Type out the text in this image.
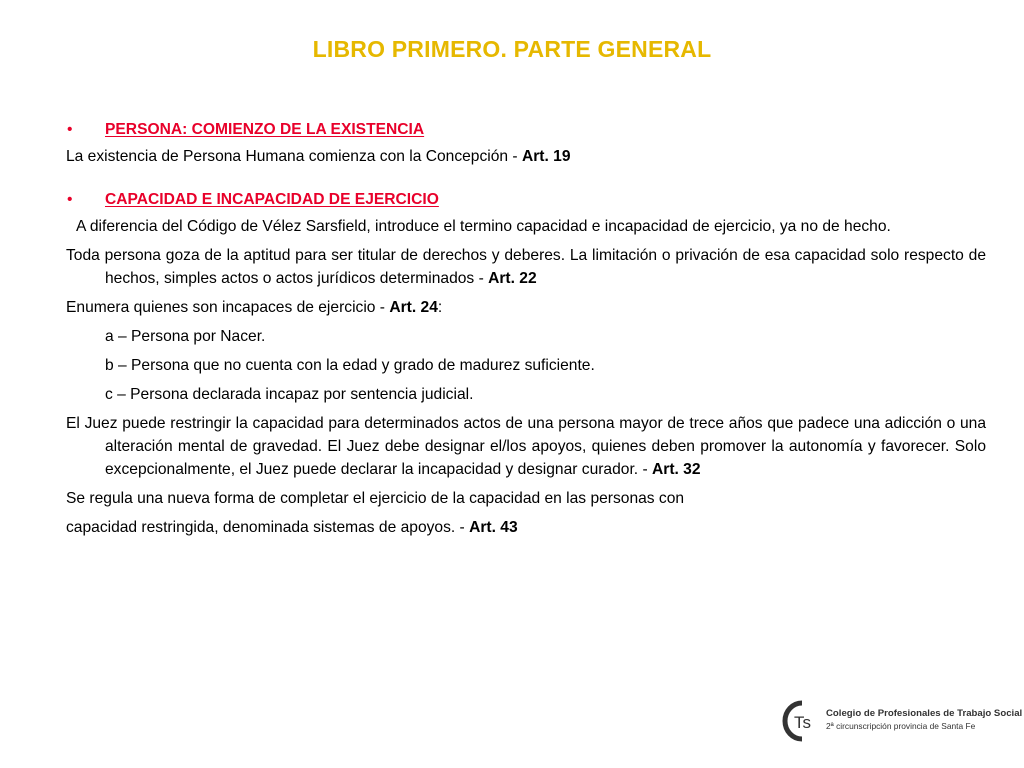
LIBRO PRIMERO. PARTE GENERAL
• PERSONA: COMIENZO DE LA EXISTENCIA

La existencia de Persona Humana comienza con la Concepción - Art. 19

• CAPACIDAD E INCAPACIDAD DE EJERCICIO

A diferencia del Código de Vélez Sarsfield, introduce el termino capacidad e incapacidad de ejercicio, ya no de hecho.

Toda persona goza de la aptitud para ser titular de derechos y deberes. La limitación o privación de esa capacidad solo respecto de hechos, simples actos o actos jurídicos determinados - Art. 22

Enumera quienes son incapaces de ejercicio - Art. 24:

a – Persona por Nacer.
b – Persona que no cuenta con la edad y grado de madurez suficiente.
c – Persona declarada incapaz por sentencia judicial.

El Juez puede restringir la capacidad para determinados actos de una persona mayor de trece años que padece una adicción o una alteración mental de gravedad. El Juez debe designar el/los apoyos, quienes deben promover la autonomía y favorecer. Solo excepcionalmente, el Juez puede declarar la incapacidad y designar curador. - Art. 32

Se regula una nueva forma de completar el ejercicio de la capacidad en las personas con

capacidad restringida, denominada sistemas de apoyos. - Art. 43

Ts Colegio de Profesionales de Trabajo Social
2ª circunscripción provincia de Santa Fe
